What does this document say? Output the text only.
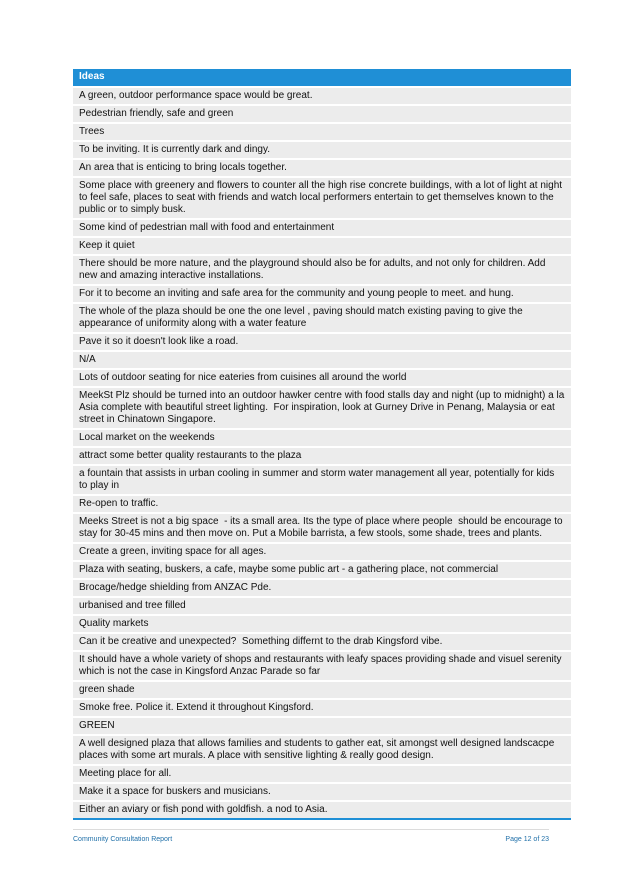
Ideas
A green, outdoor performance space would be great.
Pedestrian friendly, safe and green
Trees
To be inviting. It is currently dark and dingy.
An area that is enticing to bring locals together.
Some place with greenery and flowers to counter all the high rise concrete buildings, with a lot of light at night to feel safe, places to seat with friends and watch local performers entertain to get themselves known to the public or to simply busk.
Some kind of pedestrian mall with food and entertainment
Keep it quiet
There should be more nature, and the playground should also be for adults, and not only for children. Add new and amazing interactive installations.
For it to become an inviting and safe area for the community and young people to meet. and hung.
The whole of the plaza should be one the one level , paving should match existing paving to give the appearance of uniformity along with a water feature
Pave it so it doesn't look like a road.
N/A
Lots of outdoor seating for nice eateries from cuisines all around the world
MeekSt Plz should be turned into an outdoor hawker centre with food stalls day and night (up to midnight) a la Asia complete with beautiful street lighting.  For inspiration, look at Gurney Drive in Penang, Malaysia or eat street in Chinatown Singapore.
Local market on the weekends
attract some better quality restaurants to the plaza
a fountain that assists in urban cooling in summer and storm water management all year, potentially for kids to play in
Re-open to traffic.
Meeks Street is not a big space  - its a small area. Its the type of place where people  should be encourage to stay for 30-45 mins and then move on. Put a Mobile barrista, a few stools, some shade, trees and plants.
Create a green, inviting space for all ages.
Plaza with seating, buskers, a cafe, maybe some public art - a gathering place, not commercial
Brocage/hedge shielding from ANZAC Pde.
urbanised and tree filled
Quality markets
Can it be creative and unexpected?  Something differnt to the drab Kingsford vibe.
It should have a whole variety of shops and restaurants with leafy spaces providing shade and visuel serenity which is not the case in Kingsford Anzac Parade so far
green shade
Smoke free. Police it. Extend it throughout Kingsford.
GREEN
A well designed plaza that allows families and students to gather eat, sit amongst well designed landscacpe places with some art murals. A place with sensitive lighting & really good design.
Meeting place for all.
Make it a space for buskers and musicians.
Either an aviary or fish pond with goldfish. a nod to Asia.
Community Consultation Report	Page 12 of 23
